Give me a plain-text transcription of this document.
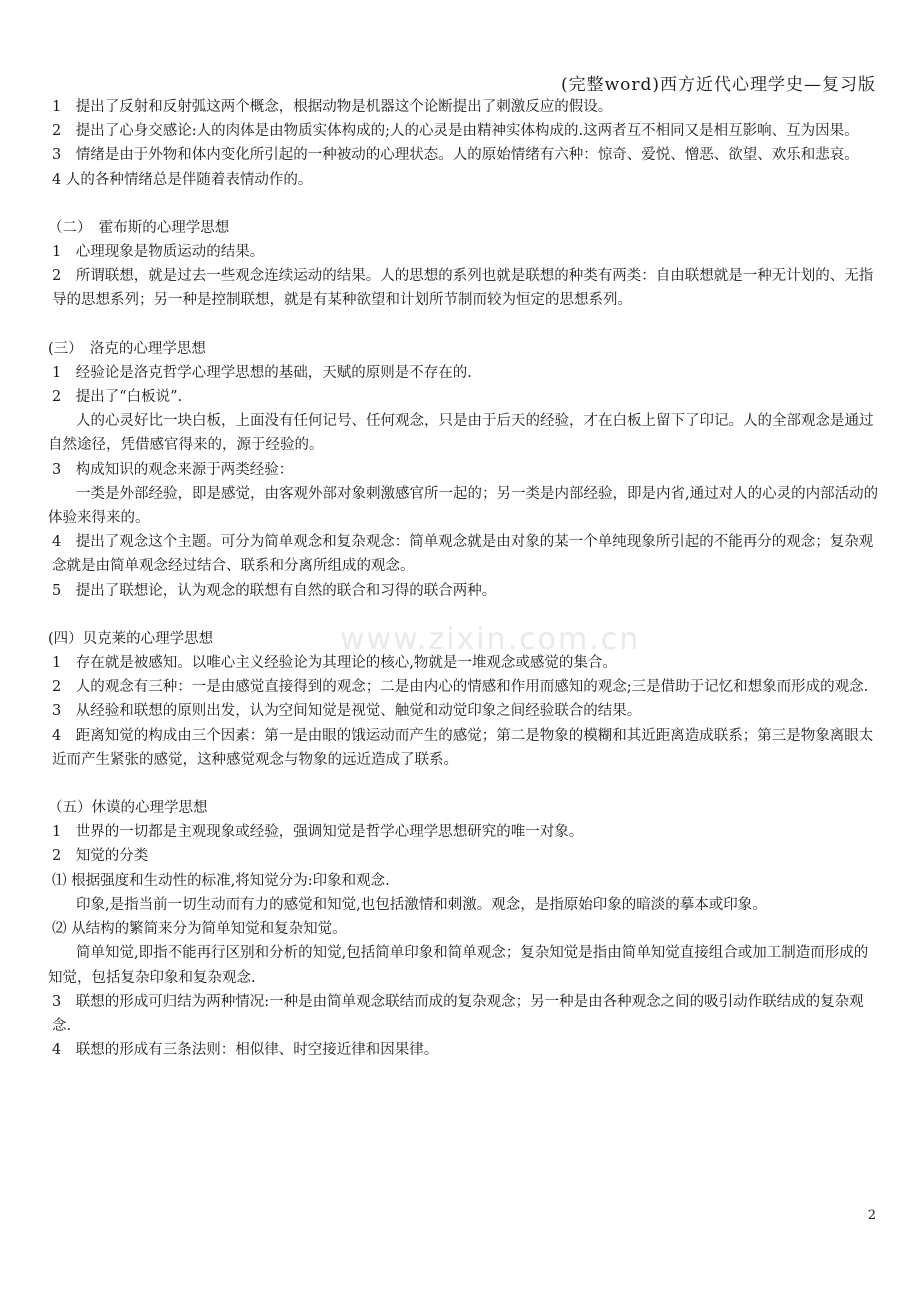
www.zixin.com.cn
(完整word)西方近代心理学史—复习版

1　提出了反射和反射弧这两个概念，根据动物是机器这个论断提出了刺激反应的假设。

2　提出了心身交感论:人的肉体是由物质实体构成的;人的心灵是由精神实体构成的.这两者互不相同又是相互影响、互为因果。

3　情绪是由于外物和体内变化所引起的一种被动的心理状态。人的原始情绪有六种：惊奇、爱悦、憎恶、欲望、欢乐和悲哀。

4 人的各种情绪总是伴随着表情动作的。

（二）　霍布斯的心理学思想

1　心理现象是物质运动的结果。

2　所谓联想，就是过去一些观念连续运动的结果。人的思想的系列也就是联想的种类有两类：自由联想就是一种无计划的、无指导的思想系列；另一种是控制联想，就是有某种欲望和计划所节制而较为恒定的思想系列。

(三）　洛克的心理学思想

1　经验论是洛克哲学心理学思想的基础，天赋的原则是不存在的.

2　提出了“白板说”.

人的心灵好比一块白板，上面没有任何记号、任何观念，只是由于后天的经验，才在白板上留下了印记。人的全部观念是通过自然途径，凭借感官得来的，源于经验的。

3　构成知识的观念来源于两类经验：

一类是外部经验，即是感觉，由客观外部对象刺激感官所一起的；另一类是内部经验，即是内省,通过对人的心灵的内部活动的体验来得来的。

4　提出了观念这个主题。可分为简单观念和复杂观念：简单观念就是由对象的某一个单纯现象所引起的不能再分的观念；复杂观念就是由简单观念经过结合、联系和分离所组成的观念。

5　提出了联想论，认为观念的联想有自然的联合和习得的联合两种。

(四）贝克莱的心理学思想

1　存在就是被感知。以唯心主义经验论为其理论的核心,物就是一堆观念或感觉的集合。

2　人的观念有三种：一是由感觉直接得到的观念；二是由内心的情感和作用而感知的观念;三是借助于记忆和想象而形成的观念.

3　从经验和联想的原则出发，认为空间知觉是视觉、触觉和动觉印象之间经验联合的结果。

4　距离知觉的构成由三个因素：第一是由眼的饿运动而产生的感觉；第二是物象的模糊和其近距离造成联系；第三是物象离眼太近而产生紧张的感觉，这种感觉观念与物象的远近造成了联系。

（五）休谟的心理学思想

1　世界的一切都是主观现象或经验，强调知觉是哲学心理学思想研究的唯一对象。

2　知觉的分类

⑴ 根据强度和生动性的标准,将知觉分为:印象和观念.

印象,是指当前一切生动而有力的感觉和知觉,也包括激情和刺激。观念，是指原始印象的暗淡的摹本或印象。

⑵ 从结构的繁简来分为简单知觉和复杂知觉。

简单知觉,即指不能再行区别和分析的知觉,包括简单印象和简单观念；复杂知觉是指由简单知觉直接组合或加工制造而形成的知觉，包括复杂印象和复杂观念.

3　联想的形成可归结为两种情况:一种是由简单观念联结而成的复杂观念；另一种是由各种观念之间的吸引动作联结成的复杂观念.

4　联想的形成有三条法则：相似律、时空接近律和因果律。

2
